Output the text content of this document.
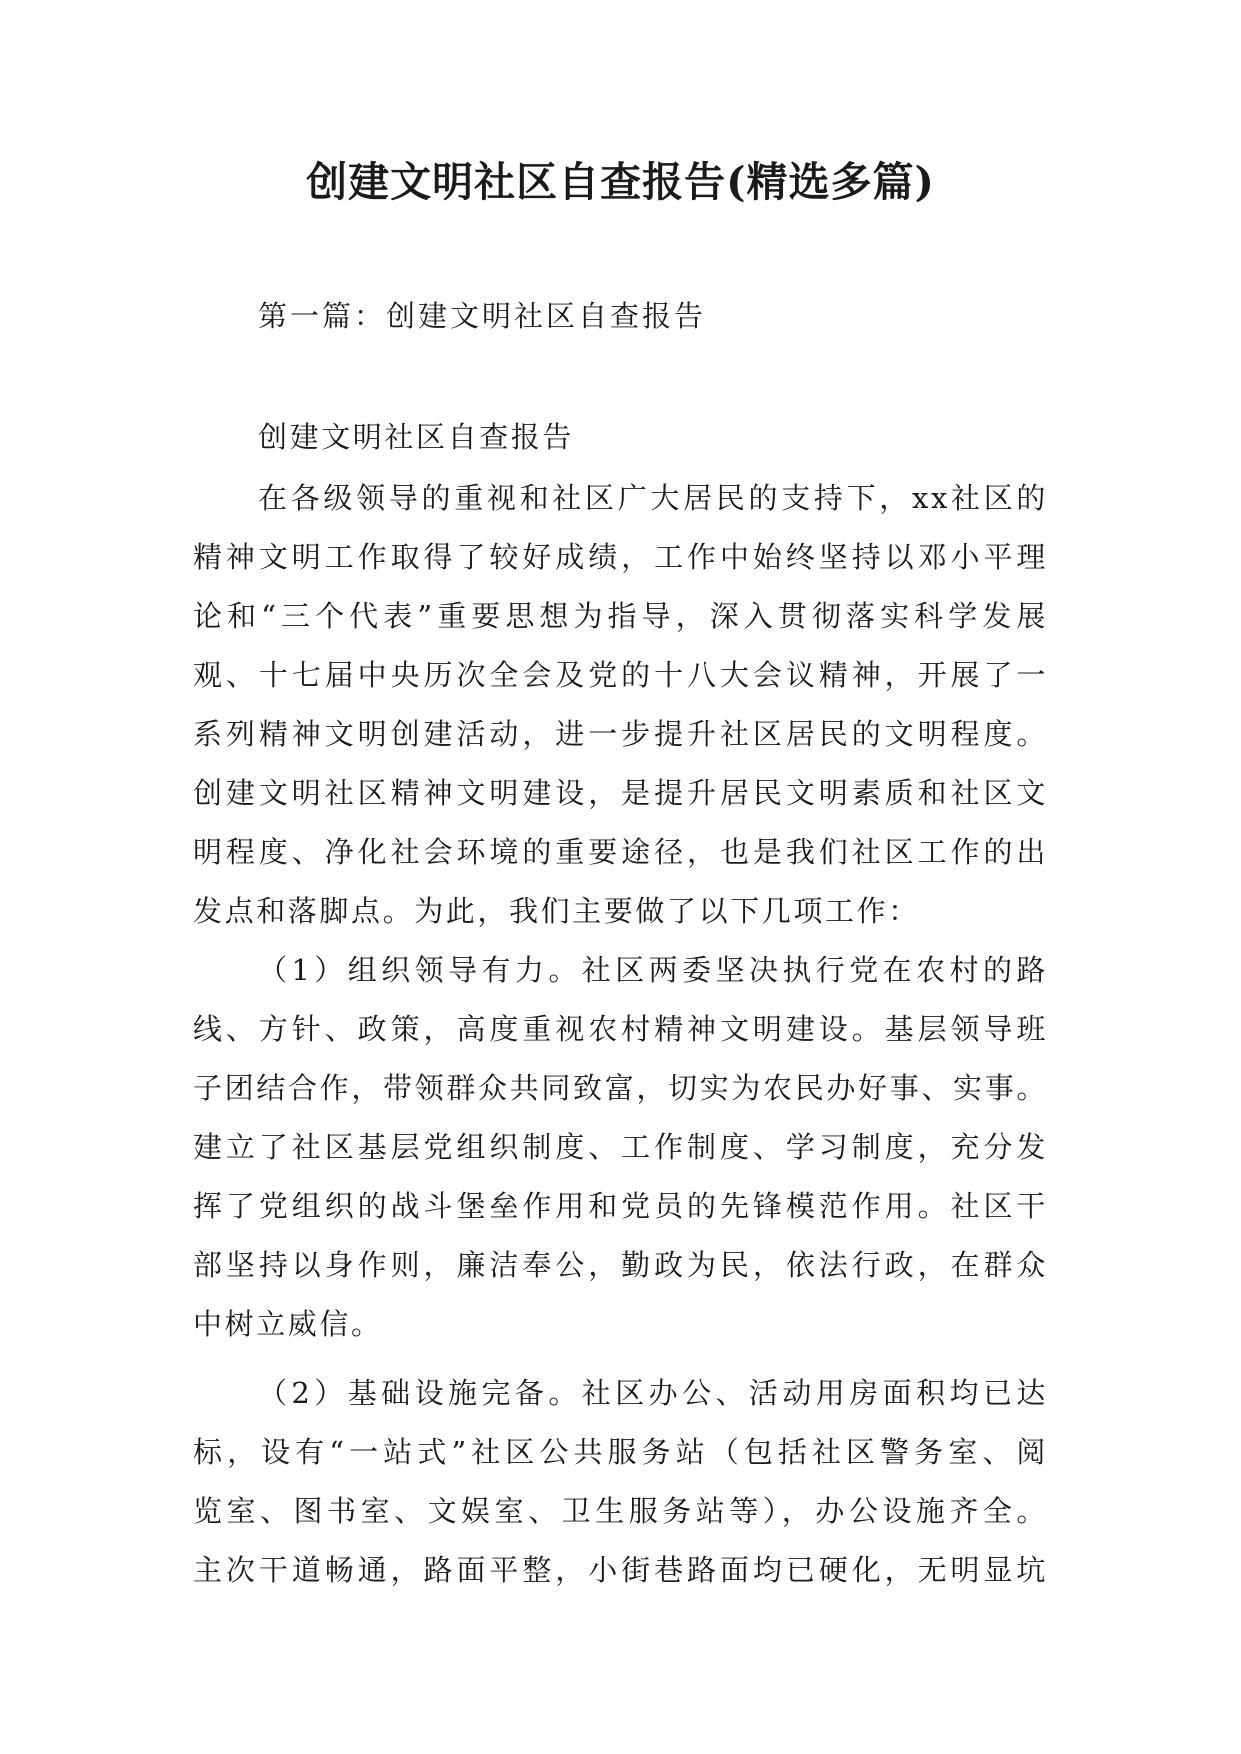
创建文明社区自查报告(精选多篇)

第一篇：创建文明社区自查报告

创建文明社区自查报告
在各级领导的重视和社区广大居民的支持下，xx社区的
精神文明工作取得了较好成绩，工作中始终坚持以邓小平理
论和“三个代表”重要思想为指导，深入贯彻落实科学发展
观、十七届中央历次全会及党的十八大会议精神，开展了一
系列精神文明创建活动，进一步提升社区居民的文明程度。
创建文明社区精神文明建设，是提升居民文明素质和社区文
明程度、净化社会环境的重要途径，也是我们社区工作的出
发点和落脚点。为此，我们主要做了以下几项工作：
（1）组织领导有力。社区两委坚决执行党在农村的路
线、方针、政策，高度重视农村精神文明建设。基层领导班
子团结合作，带领群众共同致富，切实为农民办好事、实事。
建立了社区基层党组织制度、工作制度、学习制度，充分发
挥了党组织的战斗堡垒作用和党员的先锋模范作用。社区干
部坚持以身作则，廉洁奉公，勤政为民，依法行政，在群众
中树立威信。
（2）基础设施完备。社区办公、活动用房面积均已达
标，设有“一站式”社区公共服务站（包括社区警务室、阅
览室、图书室、文娱室、卫生服务站等），办公设施齐全。
主次干道畅通，路面平整，小街巷路面均已硬化，无明显坑
